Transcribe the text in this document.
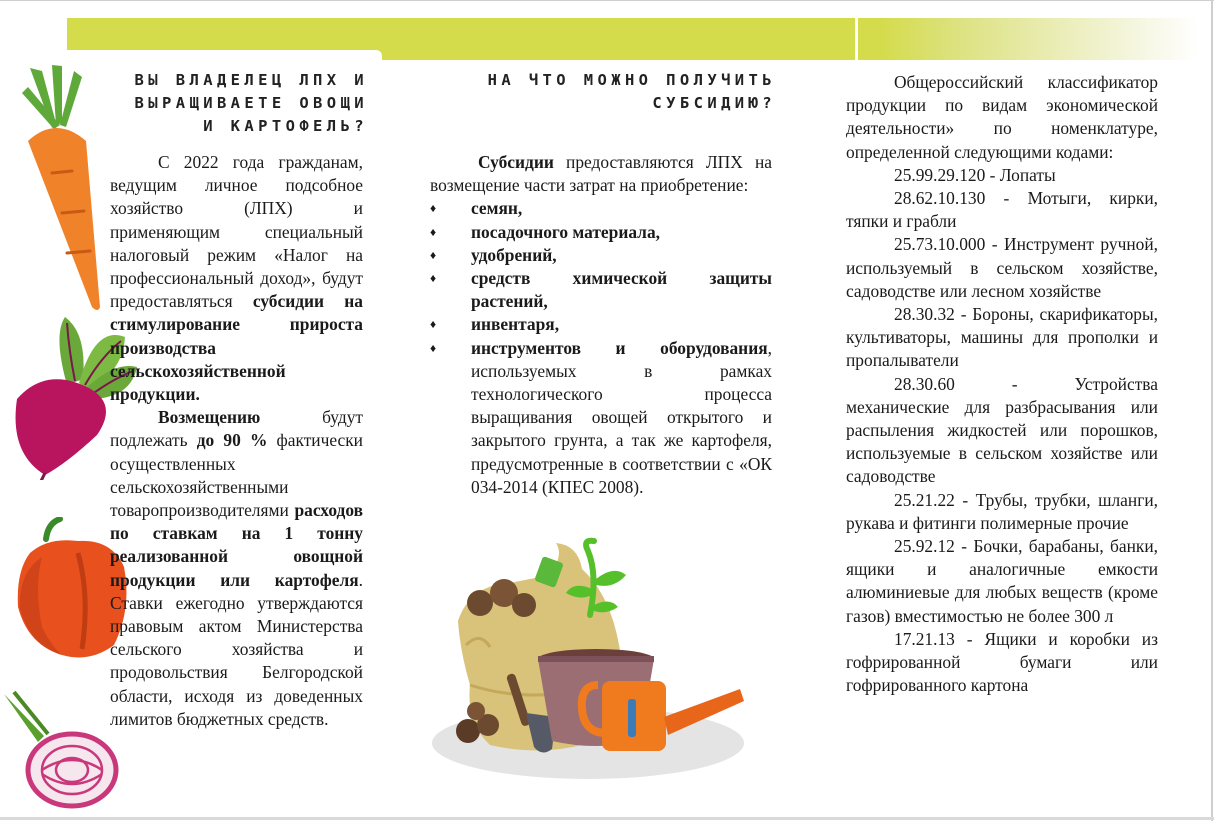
ВЫ ВЛАДЕЛЕЦ ЛПХ И
ВЫРАЩИВАЕТЕ ОВОЩИ
И КАРТОФЕЛЬ?

С 2022 года гражданам, ведущим личное подсобное хозяйство (ЛПХ) и применяющим специальный налоговый режим «Налог на профессиональный доход», будут предоставляться субсидии на стимулирование прироста производства сельскохозяйственной продукции.

Возмещению будут подлежать до 90 % фактически осуществленных сельскохозяйственными товаропроизводителями расходов по ставкам на 1 тонну реализованной овощной продукции или картофеля. Ставки ежегодно утверждаются правовым актом Министерства сельского хозяйства и продовольствия Белгородской области, исходя из доведенных лимитов бюджетных средств.

НА ЧТО МОЖНО ПОЛУЧИТЬ
СУБСИДИЮ?

Субсидии предоставляются ЛПХ на возмещение части затрат на приобретение:

♦ семян,
♦ посадочного материала,
♦ удобрений,
♦ средств химической защиты растений,
♦ инвентаря,
♦ инструментов и оборудования, используемых в рамках технологического процесса выращивания овощей открытого и закрытого грунта, а так же картофеля, предусмотренные в соответствии с «ОК 034-2014 (КПЕС 2008).

Общероссийский классификатор продукции по видам экономической деятельности» по номенклатуре, определенной следующими кодами:

25.99.29.120 - Лопаты
28.62.10.130 - Мотыги, кирки, тяпки и грабли
25.73.10.000 - Инструмент ручной, используемый в сельском хозяйстве, садоводстве или лесном хозяйстве
28.30.32 - Бороны, скарификаторы, культиваторы, машины для прополки и пропалыватели
28.30.60 - Устройства механические для разбрасывания или распыления жидкостей или порошков, используемые в сельском хозяйстве или садоводстве
25.21.22 - Трубы, трубки, шланги, рукава и фитинги полимерные прочие
25.92.12 - Бочки, барабаны, банки, ящики и аналогичные емкости алюминиевые для любых веществ (кроме газов) вместимостью не более 300 л
17.21.13 - Ящики и коробки из гофрированной бумаги или гофрированного картона
